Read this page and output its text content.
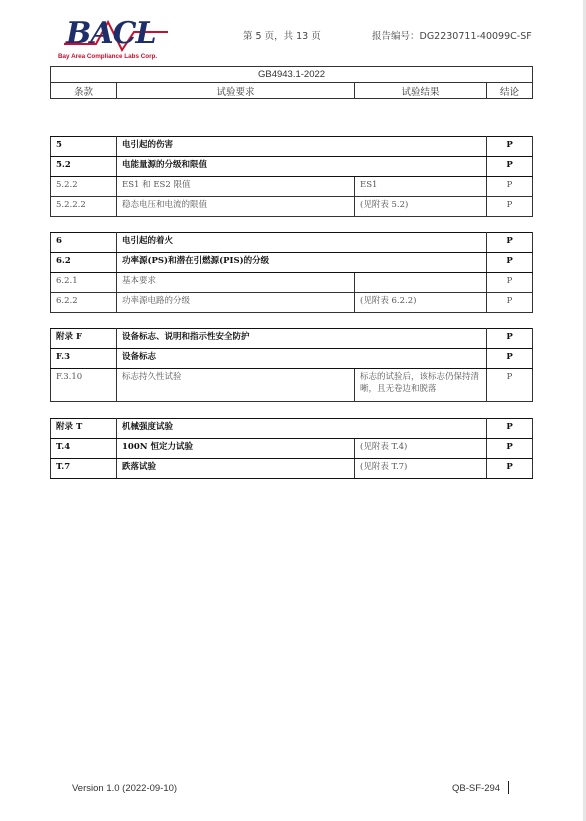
BACL
Bay Area Compliance Labs Corp.
第 5 页，共 13 页	报告编号：DG2230711-40099C-SF
GB4943.1-2022
条款	试验要求	试验结果	结论
5	电引起的伤害		P
5.2	电能量源的分级和限值		P
5.2.2	ES1 和 ES2 限值	ES1	P
5.2.2.2	稳态电压和电流的限值	(见附表 5.2)	P
6	电引起的着火		P
6.2	功率源(PS)和潜在引燃源(PIS)的分级		P
6.2.1	基本要求		P
6.2.2	功率源电路的分级	(见附表 6.2.2)	P
附录 F	设备标志、说明和指示性安全防护		P
F.3	设备标志		P
F.3.10	标志持久性试验	标志的试验后，该标志仍保持清晰，且无卷边和脱落	P
附录 T	机械强度试验		P
T.4	100N 恒定力试验	(见附表 T.4)	P
T.7	跌落试验	(见附表 T.7)	P
Version 1.0 (2022-09-10)	QB-SF-294
